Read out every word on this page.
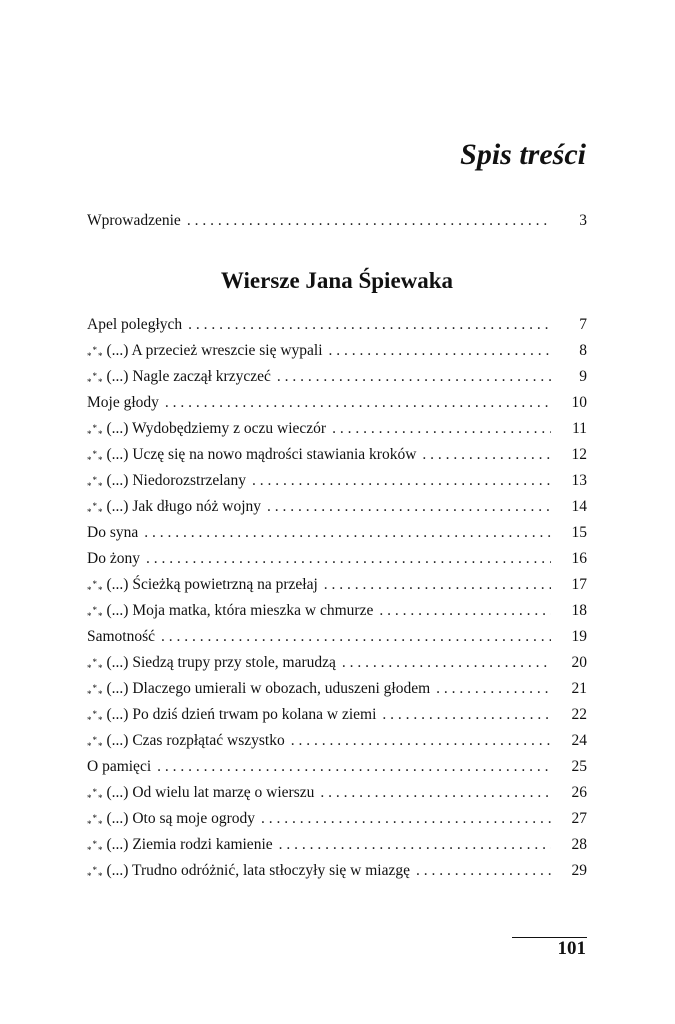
Spis treści
Wprowadzenie . . .	3
Wiersze Jana Śpiewaka
Apel poległych . . .	7
*** (...) A przecież wreszcie się wypali . . .	8
*** (...) Nagle zaczął krzyczeć . . .	9
Moje głody . . .	10
*** (...) Wydobędziemy z oczu wieczór . . .	11
*** (...) Uczę się na nowo mądrości stawiania kroków . . .	12
*** (...) Niedorozstrzelany . . .	13
*** (...) Jak długo nóż wojny . . .	14
Do syna . . .	15
Do żony . . .	16
*** (...) Ścieżką powietrzną na przełaj . . .	17
*** (...) Moja matka, która mieszka w chmurze . . .	18
Samotność . . .	19
*** (...) Siedzą trupy przy stole, marudzą . . .	20
*** (...) Dlaczego umierali w obozach, uduszeni głodem . . .	21
*** (...) Po dziś dzień trwam po kolana w ziemi . . .	22
*** (...) Czas rozpłątać wszystko . . .	24
O pamięci . . .	25
*** (...) Od wielu lat marzę o wierszu . . .	26
*** (...) Oto są moje ogrody . . .	27
*** (...) Ziemia rodzi kamienie . . .	28
*** (...) Trudno odróżnić, lata stłoczyły się w miazgę . . .	29
101
